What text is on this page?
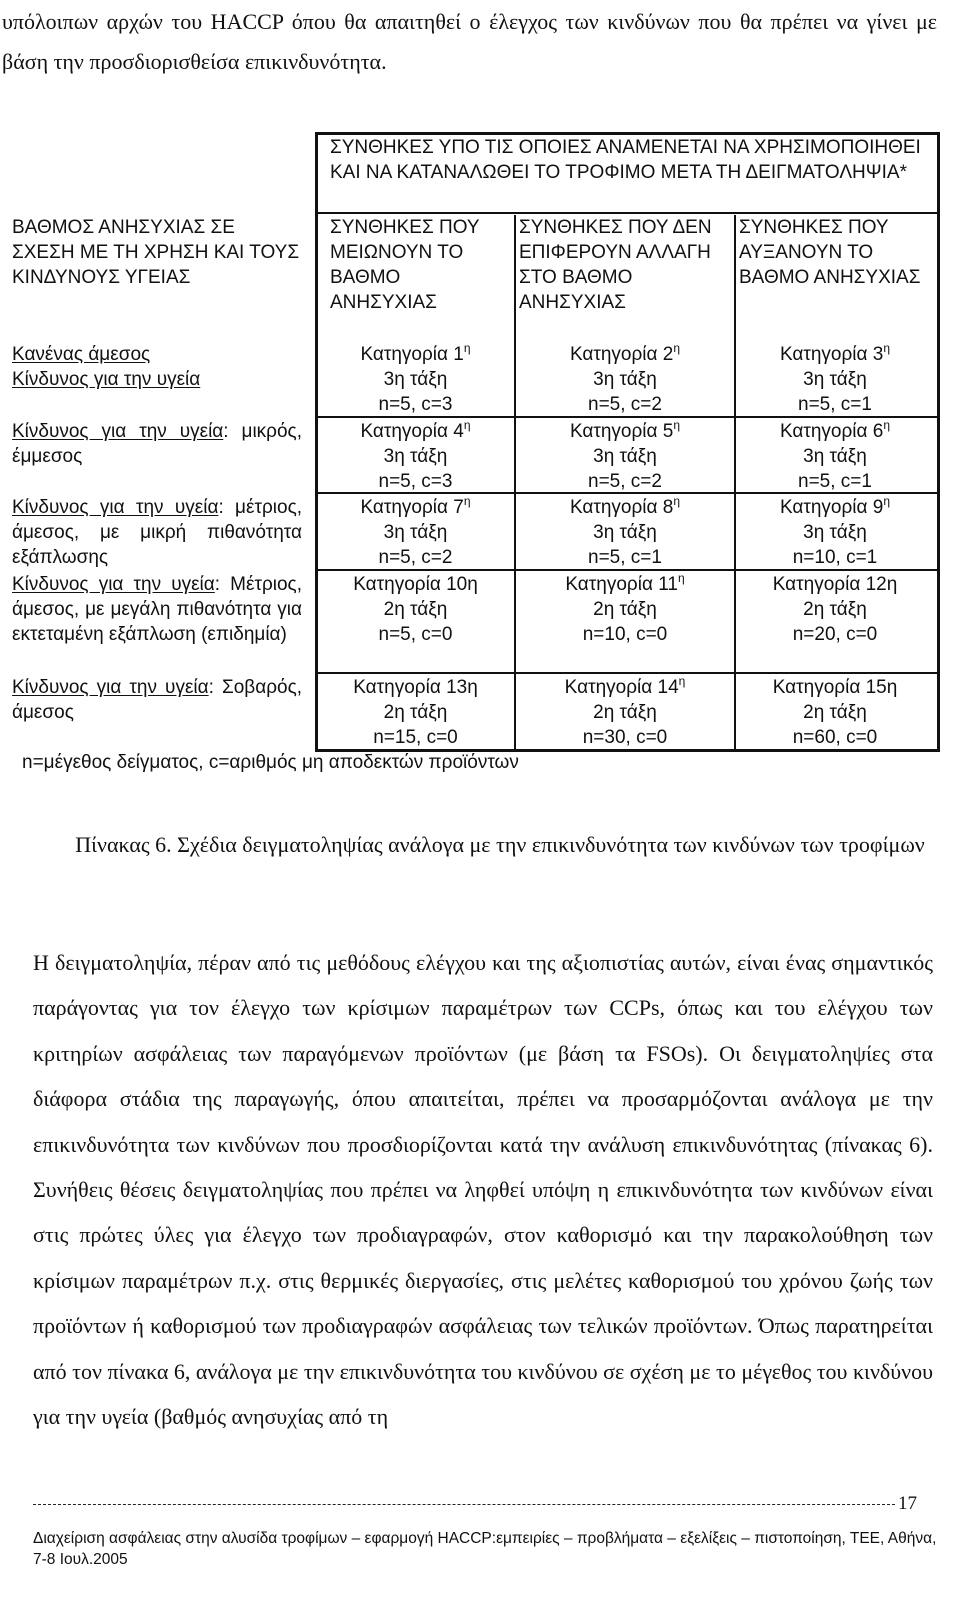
υπόλοιπων αρχών του HACCP όπου θα απαιτηθεί ο έλεγχος των κινδύνων που θα πρέπει να γίνει με βάση την προσδιορισθείσα επικινδυνότητα.

ΣΥΝΘΗΚΕΣ ΥΠΟ ΤΙΣ ΟΠΟΙΕΣ ΑΝΑΜΕΝΕΤΑΙ ΝΑ ΧΡΗΣΙΜΟΠΟΙΗΘΕΙ ΚΑΙ ΝΑ ΚΑΤΑΝΑΛΩΘΕΙ ΤΟ ΤΡΟΦΙΜΟ ΜΕΤΑ ΤΗ ΔΕΙΓΜΑΤΟΛΗΨΙΑ*
ΒΑΘΜΟΣ ΑΝΗΣΥΧΙΑΣ ΣΕ ΣΧΕΣΗ ΜΕ ΤΗ ΧΡΗΣΗ ΚΑΙ ΤΟΥΣ ΚΙΝΔΥΝΟΥΣ ΥΓΕΙΑΣ
ΣΥΝΘΗΚΕΣ ΠΟΥ ΜΕΙΩΝΟΥΝ ΤΟ ΒΑΘΜΟ ΑΝΗΣΥΧΙΑΣ
ΣΥΝΘΗΚΕΣ ΠΟΥ ΔΕΝ ΕΠΙΦΕΡΟΥΝ ΑΛΛΑΓΗ ΣΤΟ ΒΑΘΜΟ ΑΝΗΣΥΧΙΑΣ
ΣΥΝΘΗΚΕΣ ΠΟΥ ΑΥΞΑΝΟΥΝ ΤΟ ΒΑΘΜΟ ΑΝΗΣΥΧΙΑΣ
Κανένας άμεσος
Κίνδυνος για την υγεία
Κατηγορία $1^\eta$
3η τάξη
n=5, c=3
Κατηγορία $2^\eta$
3η τάξη
n=5, c=2
Κατηγορία $3^\eta$
3η τάξη
n=5, c=1
Κίνδυνος για την υγεία: μικρός, έμμεσος
Κατηγορία $4^\eta$
3η τάξη
n=5, c=3
Κατηγορία $5^\eta$
3η τάξη
n=5, c=2
Κατηγορία $6^\eta$
3η τάξη
n=5, c=1
Κίνδυνος για την υγεία: μέτριος, άμεσος, με μικρή πιθανότητα εξάπλωσης
Κατηγορία $7^\eta$
3η τάξη
n=5, c=2
Κατηγορία $8^\eta$
3η τάξη
n=5, c=1
Κατηγορία $9^\eta$
3η τάξη
n=10, c=1
Κίνδυνος για την υγεία: Μέτριος, άμεσος, με μεγάλη πιθανότητα για εκτεταμένη εξάπλωση (επιδημία)
Κατηγορία 10η
2η τάξη
n=5, c=0
Κατηγορία $11^\eta$
2η τάξη
n=10, c=0
Κατηγορία 12η
2η τάξη
n=20, c=0
Κίνδυνος για την υγεία: Σοβαρός, άμεσος
Κατηγορία 13η
2η τάξη
n=15, c=0
Κατηγορία $14^\eta$
2η τάξη
n=30, c=0
Κατηγορία 15η
2η τάξη
n=60, c=0
n=μέγεθος δείγματος, c=αριθμός μη αποδεκτών προϊόντων
Πίνακας 6. Σχέδια δειγματοληψίας ανάλογα με την επικινδυνότητα των κινδύνων των τροφίμων

Η δειγματοληψία, πέραν από τις μεθόδους ελέγχου και της αξιοπιστίας αυτών, είναι ένας σημαντικός παράγοντας για τον έλεγχο των κρίσιμων παραμέτρων των CCPs, όπως και του ελέγχου των κριτηρίων ασφάλειας των παραγόμενων προϊόντων (με βάση τα FSOs). Οι δειγματοληψίες στα διάφορα στάδια της παραγωγής, όπου απαιτείται, πρέπει να προσαρμόζονται ανάλογα με την επικινδυνότητα των κινδύνων που προσδιορίζονται κατά την ανάλυση επικινδυνότητας (πίνακας 6). Συνήθεις θέσεις δειγματοληψίας που πρέπει να ληφθεί υπόψη η επικινδυνότητα των κινδύνων είναι στις πρώτες ύλες για έλεγχο των προδιαγραφών, στον καθορισμό και την παρακολούθηση των κρίσιμων παραμέτρων π.χ. στις θερμικές διεργασίες, στις μελέτες καθορισμού του χρόνου ζωής των προϊόντων ή καθορισμού των προδιαγραφών ασφάλειας των τελικών προϊόντων. Όπως παρατηρείται από τον πίνακα 6, ανάλογα με την επικινδυνότητα του κινδύνου σε σχέση με το μέγεθος του κινδύνου για την υγεία (βαθμός ανησυχίας από τη

17
Διαχείριση ασφάλειας στην αλυσίδα τροφίμων – εφαρμογή HACCP:εμπειρίες – προβλήματα – εξελίξεις – πιστοποίηση, ΤΕΕ, Αθήνα, 7-8 Ιουλ.2005
